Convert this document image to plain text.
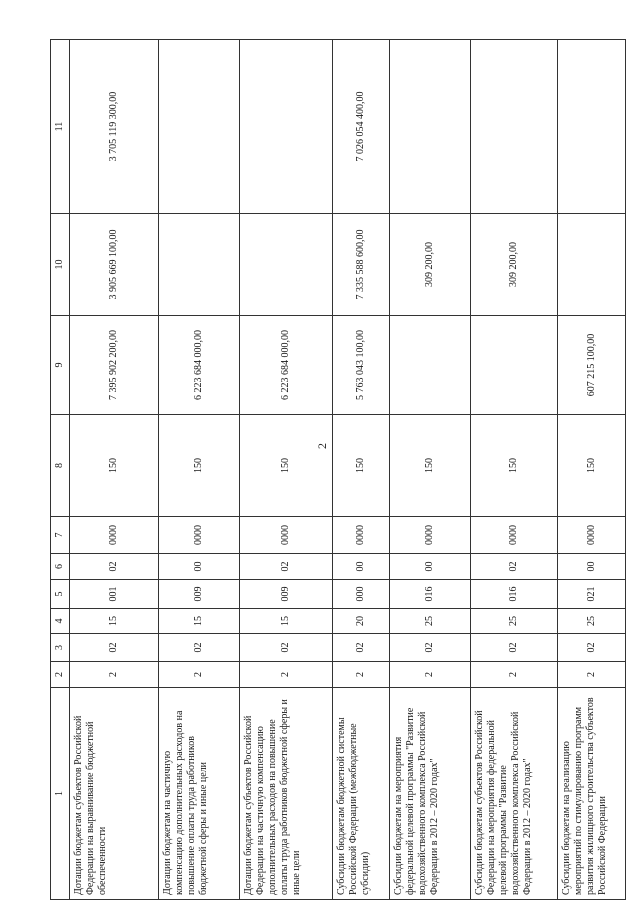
2
1	2	3	4	5	6	7	8	9	10	11
Дотации бюджетам субъектов Российской Федерации на выравнивание бюджетной обеспеченности	2	02	15	001	02	0000	150	7 395 902 200,00	3 905 669 100,00	3 705 119 300,00
Дотации бюджетам на частичную компенсацию дополнительных расходов на повышение оплаты труда работников бюджетной сферы и иные цели	2	02	15	009	00	0000	150	6 223 684 000,00		
Дотации бюджетам субъектов Российской Федерации на частичную компенсацию дополнительных расходов на повышение оплаты труда работников бюджетной сферы и иные цели	2	02	15	009	02	0000	150	6 223 684 000,00		
Субсидии бюджетам бюджетной системы Российской Федерации (межбюджетные субсидии)	2	02	20	000	00	0000	150	5 763 043 100,00	7 335 588 600,00	7 026 054 400,00
Субсидии бюджетам на мероприятия федеральной целевой программы "Развитие водохозяйственного комплекса Российской Федерации в 2012 – 2020 годах"	2	02	25	016	00	0000	150		309 200,00	
Субсидии бюджетам субъектов Российской Федерации на мероприятия федеральной целевой программы "Развитие водохозяйственного комплекса Российской Федерации в 2012 – 2020 годах"	2	02	25	016	02	0000	150		309 200,00	
Субсидии бюджетам на реализацию мероприятий по стимулированию программ развития жилищного строительства субъектов Российской Федерации	2	02	25	021	00	0000	150	607 215 100,00		
